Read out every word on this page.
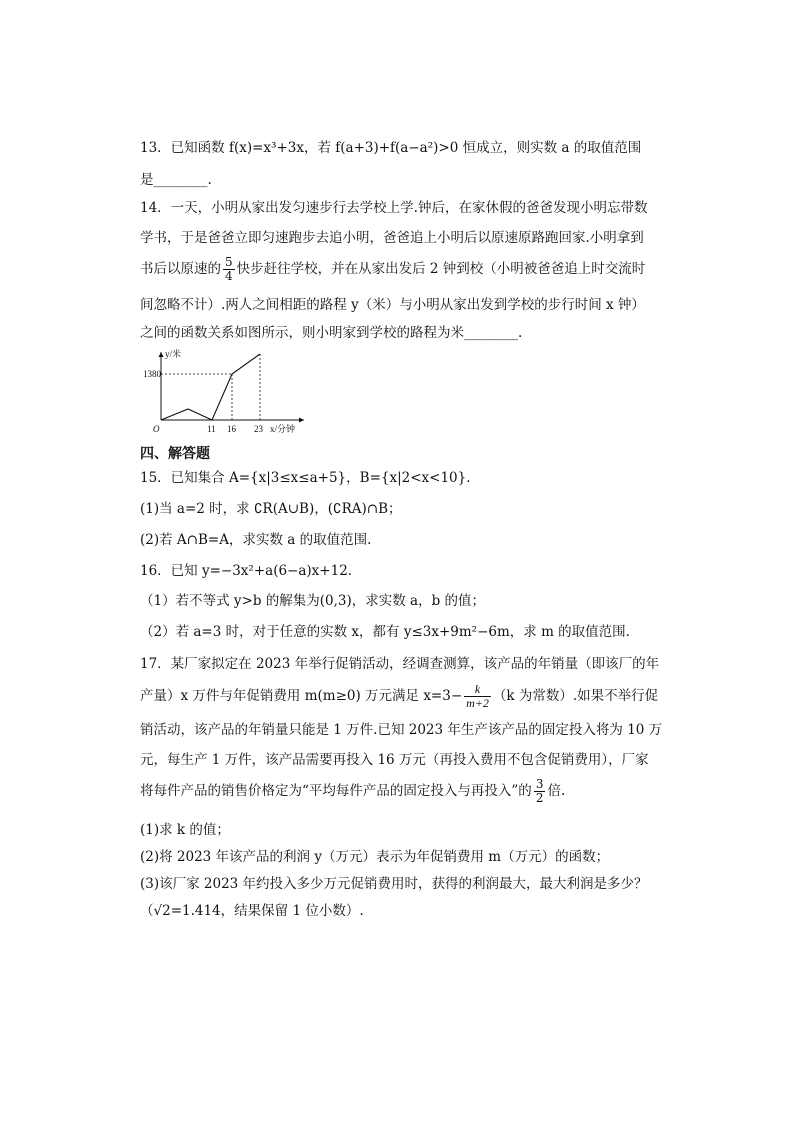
13．已知函数 f(x)=x³+3x，若 f(a+3)+f(a−a²)>0 恒成立，则实数 a 的取值范围
是________.
14．一天，小明从家出发匀速步行去学校上学.钟后，在家休假的爸爸发现小明忘带数
学书，于是爸爸立即匀速跑步去追小明，爸爸追上小明后以原速原路跑回家.小明拿到
书后以原速的 $\frac{5}{4}$ 快步赶往学校，并在从家出发后 2 钟到校（小明被爸爸追上时交流时
间忽略不计）.两人之间相距的路程 y（米）与小明从家出发到学校的步行时间 x 钟）
之间的函数关系如图所示，则小明家到学校的路程为米________.
y/米
1380
O	11 16 23 x/分钟
四、解答题
15．已知集合 A={x|3≤x≤a+5}，B={x|2<x<10}.
(1)当 a=2 时，求 ∁R(A∪B)，(∁RA)∩B；
(2)若 A∩B=A，求实数 a 的取值范围.
16．已知 y=−3x²+a(6−a)x+12.
（1）若不等式 y>b 的解集为(0,3)，求实数 a，b 的值；
（2）若 a=3 时，对于任意的实数 x，都有 y≤3x+9m²−6m，求 m 的取值范围.
17．某厂家拟定在 2023 年举行促销活动，经调查测算，该产品的年销量（即该厂的年
产量）x 万件与年促销费用 m(m≥0) 万元满足 $x=3- \frac{k}{m+2} (k$ 为常数）.如果不举行促
销活动，该产品的年销量只能是 1 万件.已知 2023 年生产该产品的固定投入将为 10 万
元，每生产 1 万件，该产品需要再投入 16 万元（再投入费用不包含促销费用），厂家
将每件产品的销售价格定为“平均每件产品的固定投入与再投入”的 $\frac{3}{2}$ 倍.
(1)求 k 的值；
(2)将 2023 年该产品的利润 y（万元）表示为年促销费用 m（万元）的函数；
(3)该厂家 2023 年约投入多少万元促销费用时，获得的利润最大，最大利润是多少？
（√2=1.414，结果保留 1 位小数）.
